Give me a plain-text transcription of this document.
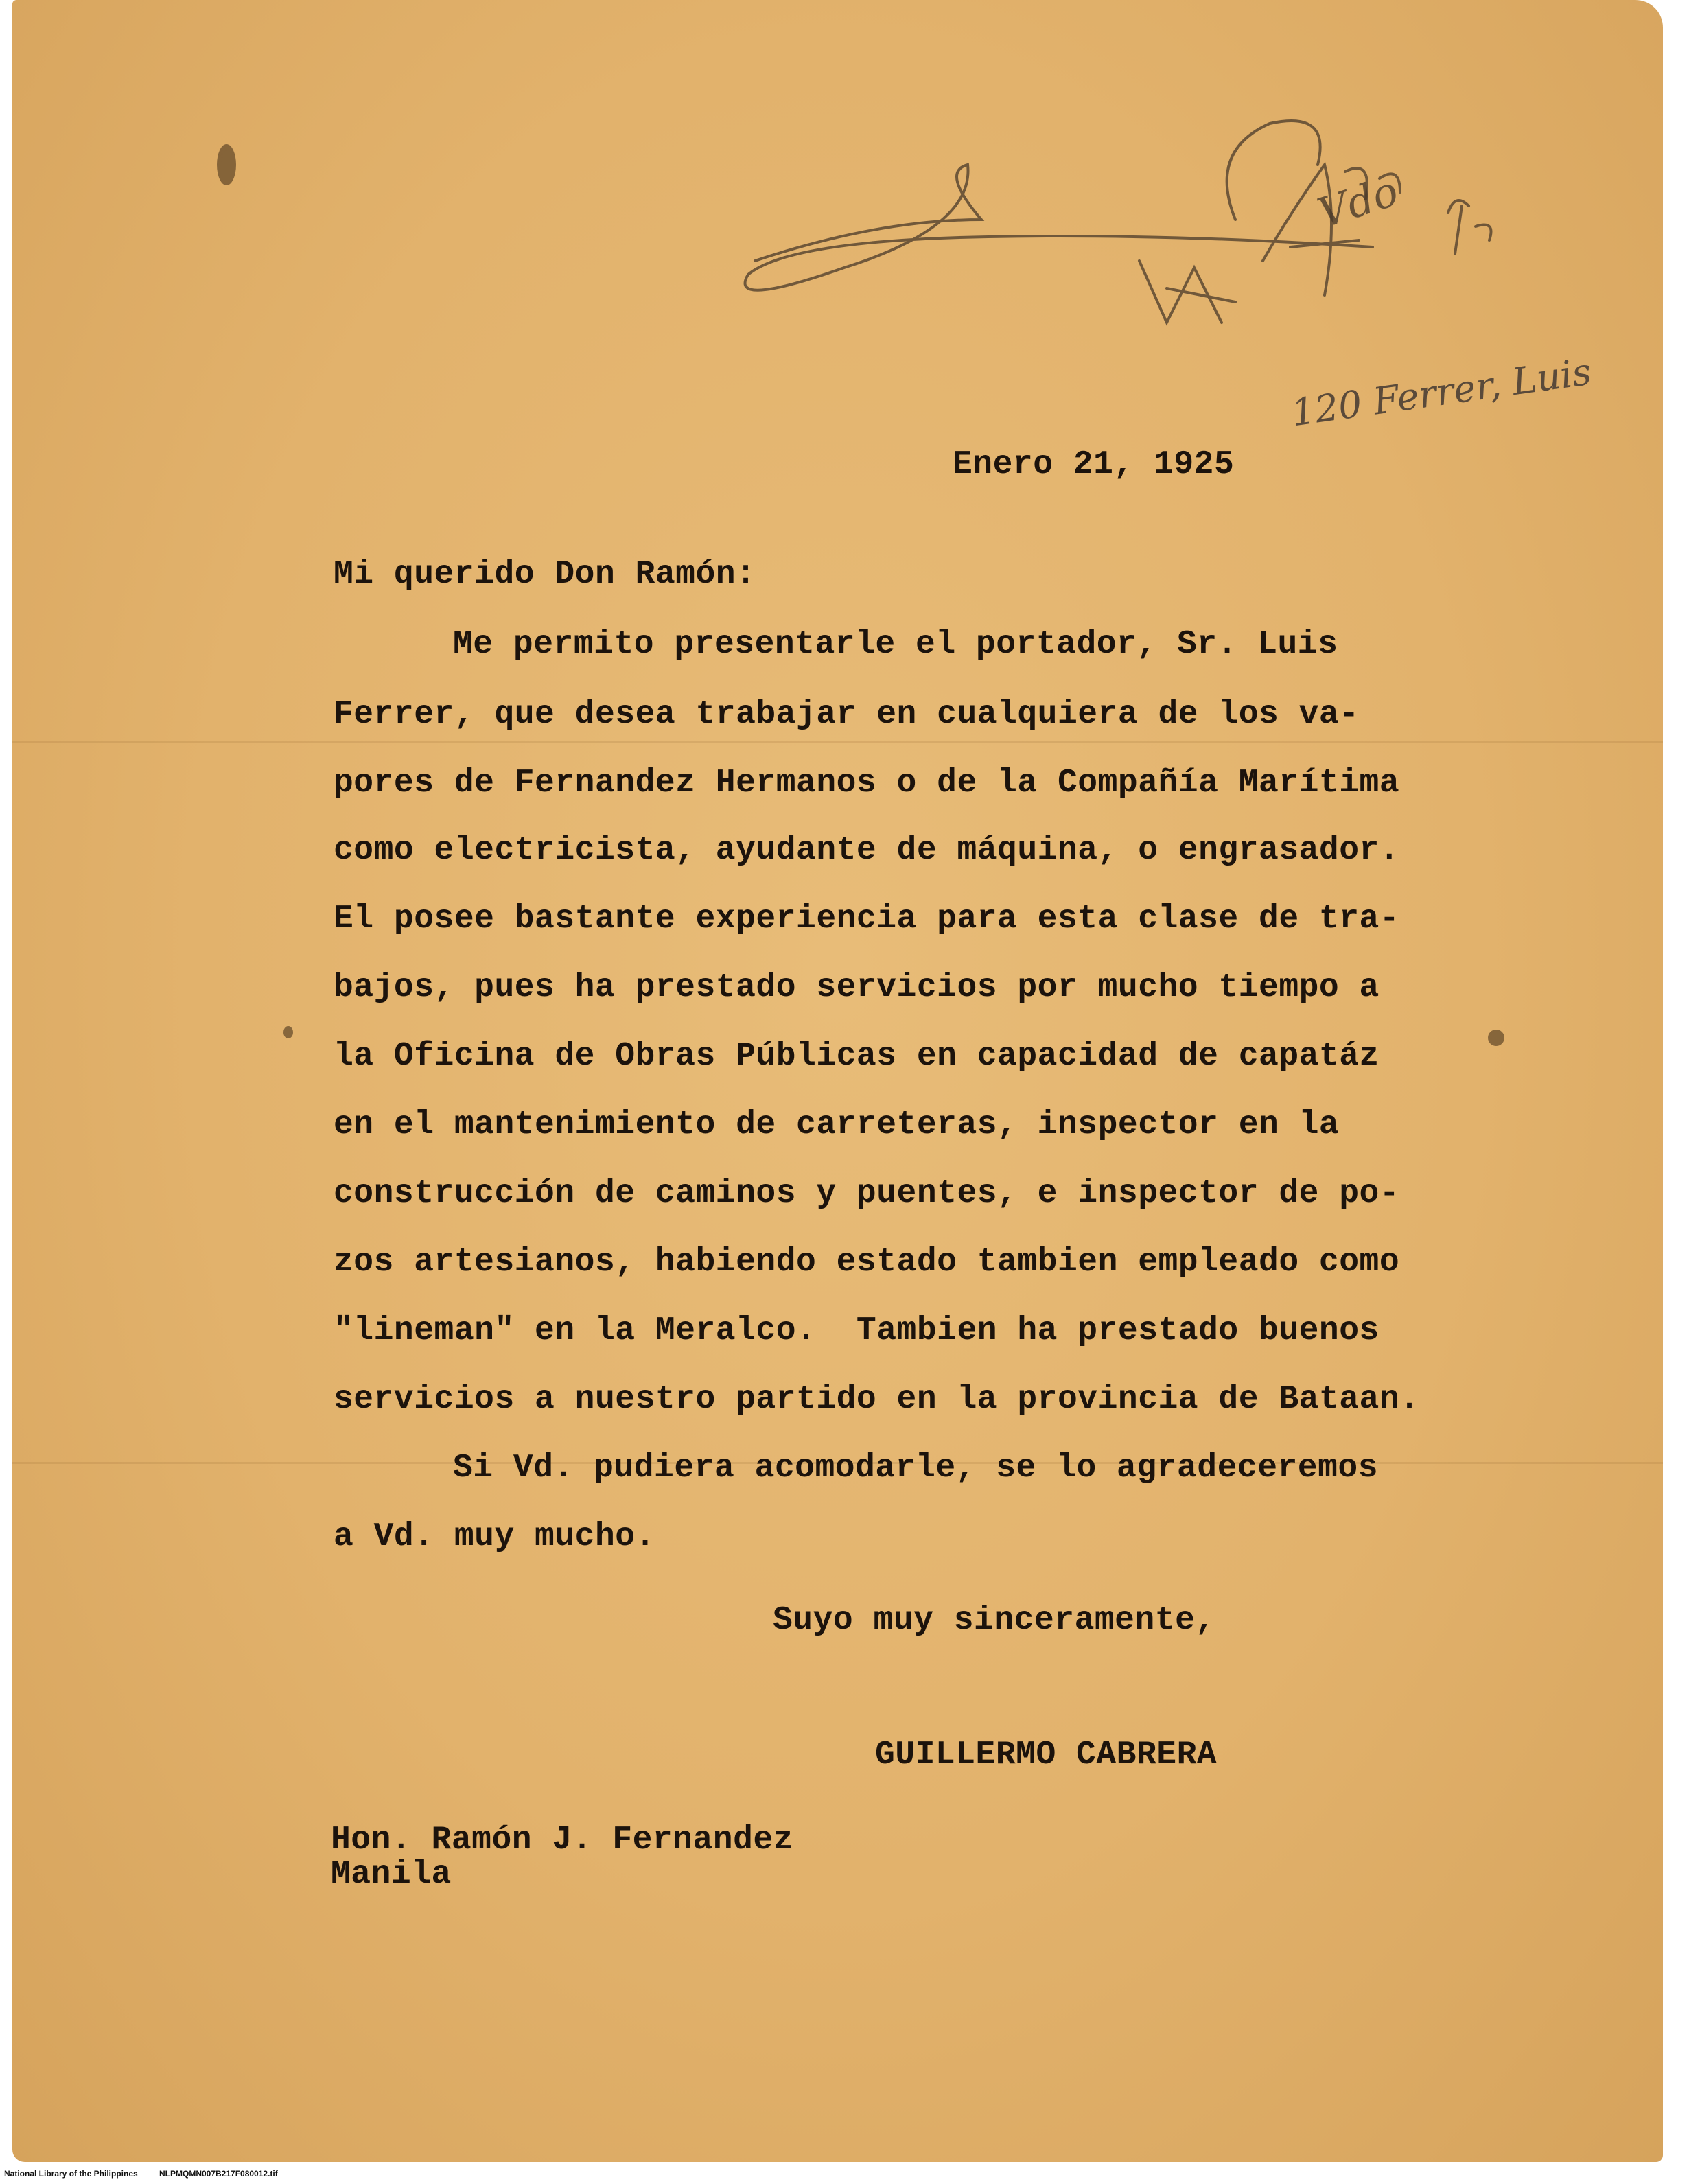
Enero 21, 1925
Mi querido Don Ramón:
Me permito presentarle el portador, Sr. Luis
Ferrer, que desea trabajar en cualquiera de los va-
pores de Fernandez Hermanos o de la Compañía Marítima
como electricista, ayudante de máquina, o engrasador.
El posee bastante experiencia para esta clase de tra-
bajos, pues ha prestado servicios por mucho tiempo a
la Oficina de Obras Públicas en capacidad de capatáz
en el mantenimiento de carreteras, inspector en la
construcción de caminos y puentes, e inspector de po-
zos artesianos, habiendo estado tambien empleado como
"lineman" en la Meralco.  Tambien ha prestado buenos
servicios a nuestro partido en la provincia de Bataan.
Si Vd. pudiera acomodarle, se lo agradeceremos
a Vd. muy mucho.
Suyo muy sinceramente,
GUILLERMO CABRERA
Hon. Ramón J. Fernandez
Manila
120 Ferrer, Luis
Vdo
National Library of the Philippines	NLPMQMN007B217F080012.tif
